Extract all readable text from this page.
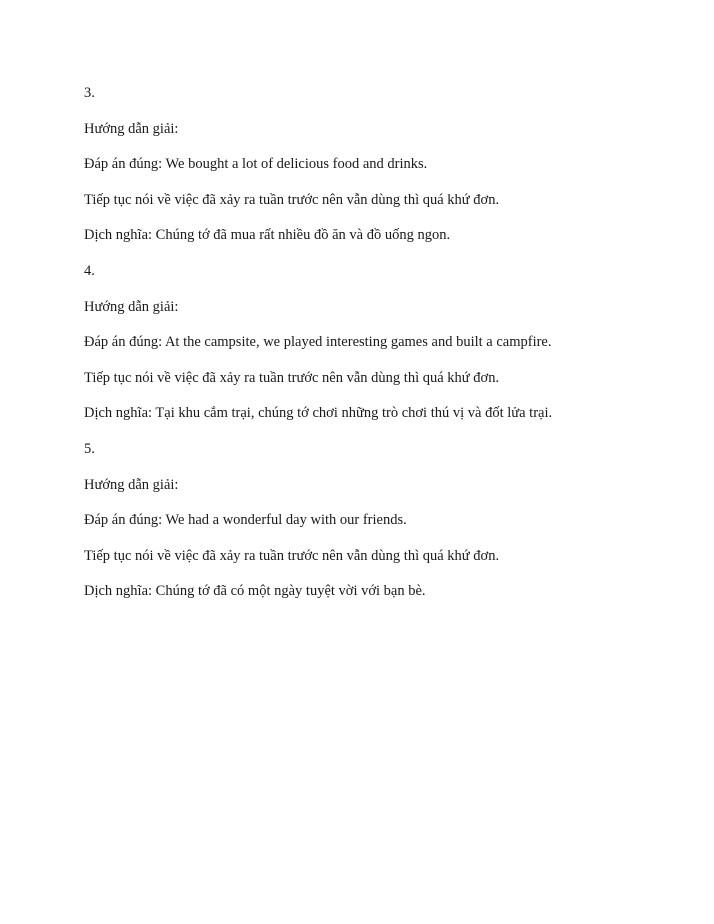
3.

Hướng dẫn giải:

Đáp án đúng: We bought a lot of delicious food and drinks.

Tiếp tục nói về việc đã xảy ra tuần trước nên vẫn dùng thì quá khứ đơn.

Dịch nghĩa: Chúng tớ đã mua rất nhiều đồ ăn và đồ uống ngon.

4.

Hướng dẫn giải:

Đáp án đúng: At the campsite, we played interesting games and built a campfire.

Tiếp tục nói về việc đã xảy ra tuần trước nên vẫn dùng thì quá khứ đơn.

Dịch nghĩa: Tại khu cắm trại, chúng tớ chơi những trò chơi thú vị và đốt lửa trại.

5.

Hướng dẫn giải:

Đáp án đúng: We had a wonderful day with our friends.

Tiếp tục nói về việc đã xảy ra tuần trước nên vẫn dùng thì quá khứ đơn.

Dịch nghĩa: Chúng tớ đã có một ngày tuyệt vời với bạn bè.
